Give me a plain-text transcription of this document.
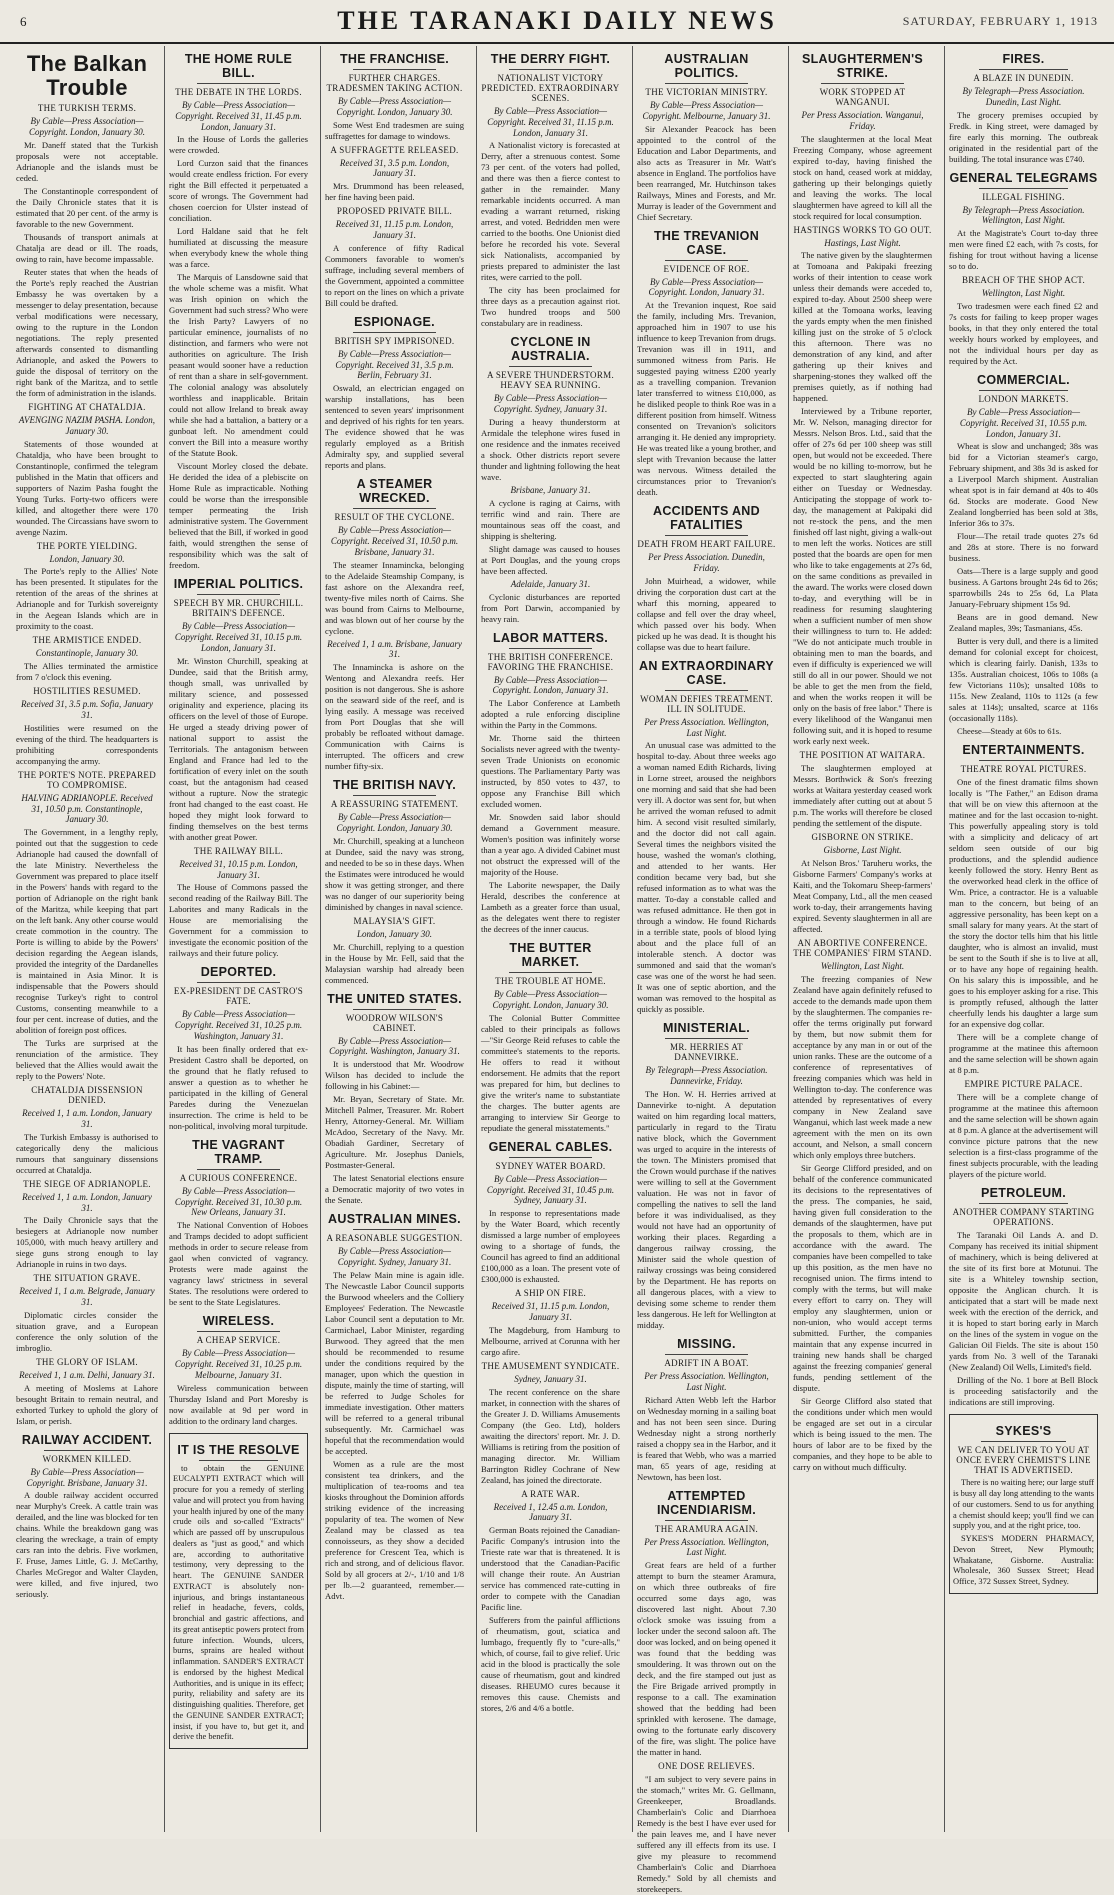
6	THE TARANAKI DAILY NEWS	SATURDAY, FEBRUARY 1, 1913
The Balkan Trouble
THE TURKISH TERMS.
By Cable—Press Association—Copyright. London, January 30.

Mr. Daneff stated that the Turkish proposals were not acceptable. Adrianople and the islands must be ceded.

The Constantinople correspondent of the Daily Chronicle states that it is estimated that 20 per cent. of the army is favorable to the new Government.

Thousands of transport animals at Chatalja are dead or ill. The roads, owing to rain, have become impassable.

Reuter states that when the heads of the Porte's reply reached the Austrian Embassy he was overtaken by a messenger to delay presentation, because verbal modifications were necessary, owing to the rupture in the London negotiations. The reply presented afterwards consented to dismantling Adrianople, and asked the Powers to guide the disposal of territory on the right bank of the Maritza, and to settle the form of administration in the islands.

FIGHTING AT CHATALDJA.
AVENGING NAZIM PASHA. London, January 30.

Statements of those wounded at Chataldja, who have been brought to Constantinople, confirmed the telegram published in the Matin that officers and supporters of Nazim Pasha fought the Young Turks. Forty-two officers were killed, and altogether there were 170 wounded. The Circassians have sworn to avenge Nazim.

THE PORTE YIELDING.
London, January 30.

The Porte's reply to the Allies' Note has been presented. It stipulates for the retention of the areas of the shrines at Adrianople and for Turkish sovereignty in the Aegean Islands which are in proximity to the coast.

THE ARMISTICE ENDED.
Constantinople, January 30.

The Allies terminated the armistice from 7 o'clock this evening.

HOSTILITIES RESUMED.
Received 31, 3.5 p.m. Sofia, January 31.

Hostilities were resumed on the evening of the third. The headquarters is prohibiting correspondents accompanying the army.

THE PORTE'S NOTE. PREPARED TO COMPROMISE.
HALVING ADRIANOPLE. Received 31, 10.50 p.m. Constantinople, January 30.

The Government, in a lengthy reply, pointed out that the suggestion to cede Adrianople had caused the downfall of the late Ministry. Nevertheless the Government was prepared to place itself in the Powers' hands with regard to the portion of Adrianople on the right bank of the Maritza, while keeping that part on the left bank. Any other course would create commotion in the country. The Porte is willing to abide by the Powers' decision regarding the Aegean islands, provided the integrity of the Dardanelles is maintained in Asia Minor. It is indispensable that the Powers should recognise Turkey's right to control Customs, consenting meanwhile to a four per cent. increase of duties, and the abolition of foreign post offices.

The Turks are surprised at the renunciation of the armistice. They believed that the Allies would await the reply to the Powers' Note.

CHATALDJA DISSENSION DENIED.
Received 1, 1 a.m. London, January 31.

The Turkish Embassy is authorised to categorically deny the malicious rumours that sanguinary dissensions occurred at Chataldja.

THE SIEGE OF ADRIANOPLE.
Received 1, 1 a.m. London, January 31.

The Daily Chronicle says that the besiegers at Adrianople now number 105,000, with much heavy artillery and siege guns strong enough to lay Adrianople in ruins in two days.

THE SITUATION GRAVE.
Received 1, 1 a.m. Belgrade, January 31.

Diplomatic circles consider the situation grave, and a European conference the only solution of the imbroglio.

THE GLORY OF ISLAM.
Received 1, 1 a.m. Delhi, January 31.

A meeting of Moslems at Lahore besought Britain to remain neutral, and exhorted Turkey to uphold the glory of Islam, or perish.

RAILWAY ACCIDENT.
WORKMEN KILLED.
By Cable—Press Association—Copyright. Brisbane, January 31.

A double railway accident occurred near Murphy's Creek. A cattle train was derailed, and the line was blocked for ten chains. While the breakdown gang was clearing the wreckage, a train of empty cars ran into the debris. Five workmen, F. Fruse, James Little, G. J. McCarthy, Charles McGregor and Walter Clayden, were killed, and five injured, two seriously.

THE HOME RULE BILL.
THE DEBATE IN THE LORDS.
By Cable—Press Association—Copyright. Received 31, 11.45 p.m. London, January 31.

In the House of Lords the galleries were crowded.

Lord Curzon said that the finances would create endless friction. For every right the Bill effected it perpetuated a score of wrongs. The Government had chosen coercion for Ulster instead of conciliation.

Lord Haldane said that he felt humiliated at discussing the measure when everybody knew the whole thing was a farce.

The Marquis of Lansdowne said that the whole scheme was a misfit. What was Irish opinion on which the Government had such stress? Who were the Irish Party? Lawyers of no particular eminence, journalists of no distinction, and farmers who were not authorities on agriculture. The Irish peasant would sooner have a reduction of rent than a share in self-government. The colonial analogy was absolutely worthless and inapplicable. Britain could not allow Ireland to break away while she had a battalion, a battery or a gunboat left. No amendment could convert the Bill into a measure worthy of the Statute Book.

Viscount Morley closed the debate. He derided the idea of a plebiscite on Home Rule as impracticable. Nothing could be worse than the irresponsible temper permeating the Irish administrative system. The Government believed that the Bill, if worked in good faith, would strengthen the sense of responsibility which was the salt of freedom.

IMPERIAL POLITICS.
SPEECH BY MR. CHURCHILL. BRITAIN'S DEFENCE.
By Cable—Press Association—Copyright. Received 31, 10.15 p.m. London, January 31.

Mr. Winston Churchill, speaking at Dundee, said that the British army, though small, was unrivalled by military science, and possessed originality and experience, placing its officers on the level of those of Europe. He urged a steady driving power of national support to assist the Territorials. The antagonism between England and France had led to the fortification of every inlet on the south coast, but the antagonism had ceased without a rupture. Now the strategic front had changed to the east coast. He hoped they might look forward to finding themselves on the best terms with another great Power.

THE RAILWAY BILL.
Received 31, 10.15 p.m. London, January 31.

The House of Commons passed the second reading of the Railway Bill. The Laborites and many Radicals in the House are memorialising the Government for a commission to investigate the economic position of the railways and their future policy.

DEPORTED.
EX-PRESIDENT DE CASTRO'S FATE.
By Cable—Press Association—Copyright. Received 31, 10.25 p.m. Washington, January 31.

It has been finally ordered that ex-President Castro shall be deported, on the ground that he flatly refused to answer a question as to whether he participated in the killing of General Paredes during the Venezuelan insurrection. The crime is held to be non-political, involving moral turpitude.

THE VAGRANT TRAMP.
A CURIOUS CONFERENCE.
By Cable—Press Association—Copyright. Received 31, 10.30 p.m. New Orleans, January 31.

The National Convention of Hoboes and Tramps decided to adopt sufficient methods in order to secure release from gaol when convicted of vagrancy. Protests were made against the vagrancy laws' strictness in several States. The resolutions were ordered to be sent to the State Legislatures.

WIRELESS.
A CHEAP SERVICE.
By Cable—Press Association—Copyright. Received 31, 10.25 p.m. Melbourne, January 31.

Wireless communication between Thursday Island and Port Moresby is now available at 9d per word in addition to the ordinary land charges.

IT IS THE RESOLVE

to obtain the GENUINE EUCALYPTI EXTRACT which will procure for you a remedy of sterling value and will protect you from having your health injured by one of the many crude oils and so-called "Extracts" which are passed off by unscrupulous dealers as "just as good," and which are, according to authoritative testimony, very depressing to the heart. The GENUINE SANDER EXTRACT is absolutely non-injurious, and brings instantaneous relief in headache, fevers, colds, bronchial and gastric affections, and its great antiseptic powers protect from future infection. Wounds, ulcers, burns, sprains are healed without inflammation. SANDER'S EXTRACT is endorsed by the highest Medical Authorities, and is unique in its effect; purity, reliability and safety are its distinguishing qualities. Therefore, get the GENUINE SANDER EXTRACT; insist, if you have to, but get it, and derive the benefit.

THE FRANCHISE.
FURTHER CHARGES. TRADESMEN TAKING ACTION.
By Cable—Press Association—Copyright. London, January 30.

Some West End tradesmen are suing suffragettes for damage to windows.

A SUFFRAGETTE RELEASED.
Received 31, 3.5 p.m. London, January 31.

Mrs. Drummond has been released, her fine having been paid.

PROPOSED PRIVATE BILL.
Received 31, 11.15 p.m. London, January 31.

A conference of fifty Radical Commoners favorable to women's suffrage, including several members of the Government, appointed a committee to report on the lines on which a private Bill could be drafted.

ESPIONAGE.
BRITISH SPY IMPRISONED.
By Cable—Press Association—Copyright. Received 31, 3.5 p.m. Berlin, February 31.

Oswald, an electrician engaged on warship installations, has been sentenced to seven years' imprisonment and deprived of his rights for ten years. The evidence showed that he was regularly employed as a British Admiralty spy, and supplied several reports and plans.

A STEAMER WRECKED.
RESULT OF THE CYCLONE.
By Cable—Press Association—Copyright. Received 31, 10.50 p.m. Brisbane, January 31.

The steamer Innamincka, belonging to the Adelaide Steamship Company, is fast ashore on the Alexandra reef, twenty-five miles north of Cairns. She was bound from Cairns to Melbourne, and was blown out of her course by the cyclone.

Received 1, 1 a.m. Brisbane, January 31.

The Innamincka is ashore on the Wentong and Alexandra reefs. Her position is not dangerous. She is ashore on the seaward side of the reef, and is lying easily. A message was received from Port Douglas that she will probably be refloated without damage. Communication with Cairns is interrupted. The officers and crew number fifty-six.

THE BRITISH NAVY.
A REASSURING STATEMENT.
By Cable—Press Association—Copyright. London, January 30.

Mr. Churchill, speaking at a luncheon at Dundee, said the navy was strong, and needed to be so in these days. When the Estimates were introduced he would show it was getting stronger, and there was no danger of our superiority being diminished by changes in naval science.

MALAYSIA'S GIFT.
London, January 30.

Mr. Churchill, replying to a question in the House by Mr. Fell, said that the Malaysian warship had already been commenced.

THE UNITED STATES.
WOODROW WILSON'S CABINET.
By Cable—Press Association—Copyright. Washington, January 31.

It is understood that Mr. Woodrow Wilson has decided to include the following in his Cabinet:—

Mr. Bryan, Secretary of State. Mr. Mitchell Palmer, Treasurer. Mr. Robert Henry, Attorney-General. Mr. William McAdoo, Secretary of the Navy. Mr. Obadiah Gardiner, Secretary of Agriculture. Mr. Josephus Daniels, Postmaster-General.

The latest Senatorial elections ensure a Democratic majority of two votes in the Senate.

AUSTRALIAN MINES.
A REASONABLE SUGGESTION.
By Cable—Press Association—Copyright. Sydney, January 31.

The Pelaw Main mine is again idle. The Newcastle Labor Council supports the Burwood wheelers and the Colliery Employees' Federation. The Newcastle Labor Council sent a deputation to Mr. Carmichael, Labor Minister, regarding Burwood. They agreed that the men should be recommended to resume under the conditions required by the manager, upon which the question in dispute, mainly the time of starting, will be referred to Judge Scholes for immediate investigation. Other matters will be referred to a general tribunal subsequently. Mr. Carmichael was hopeful that the recommendation would be accepted.

Women as a rule are the most consistent tea drinkers, and the multiplication of tea-rooms and tea kiosks throughout the Dominion affords striking evidence of the increasing popularity of tea. The women of New Zealand may be classed as tea connoisseurs, as they show a decided preference for Crescent Tea, which is rich and strong, and of delicious flavor. Sold by all grocers at 2/-, 1/10 and 1/8 per lb.—2 guaranteed, remember.—Advt.

THE DERRY FIGHT.
NATIONALIST VICTORY PREDICTED. EXTRAORDINARY SCENES.
By Cable—Press Association—Copyright. Received 31, 11.15 p.m. London, January 31.

A Nationalist victory is forecasted at Derry, after a strenuous contest. Some 73 per cent. of the voters had polled, and there was then a fierce contest to gather in the remainder. Many remarkable incidents occurred. A man evading a warrant returned, risking arrest, and voted. Bedridden men were carried to the booths. One Unionist died before he recorded his vote. Several sick Nationalists, accompanied by priests prepared to administer the last rites, were carried to the poll.

The city has been proclaimed for three days as a precaution against riot. Two hundred troops and 500 constabulary are in readiness.

CYCLONE IN AUSTRALIA.
A SEVERE THUNDERSTORM. HEAVY SEA RUNNING.
By Cable—Press Association—Copyright. Sydney, January 31.

During a heavy thunderstorm at Armidale the telephone wires fused in one residence and the inmates received a shock. Other districts report severe thunder and lightning following the heat wave.

Brisbane, January 31.

A cyclone is raging at Cairns, with terrific wind and rain. There are mountainous seas off the coast, and shipping is sheltering.

Slight damage was caused to houses at Port Douglas, and the young crops have been affected.

Adelaide, January 31.

Cyclonic disturbances are reported from Port Darwin, accompanied by heavy rain.

LABOR MATTERS.
THE BRITISH CONFERENCE. FAVORING THE FRANCHISE.
By Cable—Press Association—Copyright. London, January 31.

The Labor Conference at Lambeth adopted a rule enforcing discipline within the Party in the Commons.

Mr. Thorne said the thirteen Socialists never agreed with the twenty-seven Trade Unionists on economic questions. The Parliamentary Party was instructed, by 850 votes to 437, to oppose any Franchise Bill which excluded women.

Mr. Snowden said labor should demand a Government measure. Women's position was infinitely worse than a year ago. A divided Cabinet must not obstruct the expressed will of the majority of the House.

The Laborite newspaper, the Daily Herald, describes the conference at Lambeth as a greater force than usual, as the delegates went there to register the decrees of the inner caucus.

THE BUTTER MARKET.
THE TROUBLE AT HOME.
By Cable—Press Association—Copyright. London, January 30.

The Colonial Butter Committee cabled to their principals as follows—"Sir George Reid refuses to cable the committee's statements to the reports. He offers to read it without endorsement. He admits that the report was prepared for him, but declines to give the writer's name to substantiate the charges. The butter agents are arranging to interview Sir George to repudiate the general misstatements."

GENERAL CABLES.
SYDNEY WATER BOARD.
By Cable—Press Association—Copyright. Received 31, 10.45 p.m. Sydney, January 31.

In response to representations made by the Water Board, which recently dismissed a large number of employees owing to a shortage of funds, the Council has agreed to find an additional £100,000 as a loan. The present vote of £300,000 is exhausted.

A SHIP ON FIRE.
Received 31, 11.15 p.m. London, January 31.

The Magdeburg, from Hamburg to Melbourne, arrived at Corunna with her cargo afire.

THE AMUSEMENT SYNDICATE.
Sydney, January 31.

The recent conference on the share market, in connection with the shares of the Greater J. D. Williams Amusements Company (the Geo. Ltd), holders awaiting the directors' report. Mr. J. D. Williams is retiring from the position of managing director. Mr. William Barrington Ridley Cochrane of New Zealand, has joined the directorate.

A RATE WAR.
Received 1, 12.45 a.m. London, January 31.

German Boats rejoined the Canadian-Pacific Company's intrusion into the Trieste rate war that is threatened. It is understood that the Canadian-Pacific will change their route. An Austrian service has commenced rate-cutting in order to compete with the Canadian Pacific line.

Sufferers from the painful afflictions of rheumatism, gout, sciatica and lumbago, frequently fly to "cure-alls," which, of course, fail to give relief. Uric acid in the blood is practically the sole cause of rheumatism, gout and kindred diseases. RHEUMO cures because it removes this cause. Chemists and stores, 2/6 and 4/6 a bottle.

AUSTRALIAN POLITICS.
THE VICTORIAN MINISTRY.
By Cable—Press Association—Copyright. Melbourne, January 31.

Sir Alexander Peacock has been appointed to the control of the Education and Labor Departments, and also acts as Treasurer in Mr. Watt's absence in England. The portfolios have been rearranged, Mr. Hutchinson takes Railways, Mines and Forests, and Mr. Murray is leader of the Government and Chief Secretary.

THE TREVANION CASE.
EVIDENCE OF ROE.
By Cable—Press Association—Copyright. London, January 31.

At the Trevanion inquest, Roe said the family, including Mrs. Trevanion, approached him in 1907 to use his influence to keep Trevanion from drugs. Trevanion was ill in 1911, and summoned witness from Paris. He suggested paying witness £200 yearly as a travelling companion. Trevanion later transferred to witness £10,000, as he disliked people to think Roe was in a different position from himself. Witness consented on Trevanion's solicitors arranging it. He denied any impropriety. He was treated like a young brother, and slept with Trevanion because the latter was nervous. Witness detailed the circumstances prior to Trevanion's death.

ACCIDENTS AND FATALITIES
DEATH FROM HEART FAILURE.
Per Press Association. Dunedin, Friday.

John Muirhead, a widower, while driving the corporation dust cart at the wharf this morning, appeared to collapse and fell over the dray wheel, which passed over his body. When picked up he was dead. It is thought his collapse was due to heart failure.

AN EXTRAORDINARY CASE.
WOMAN DEFIES TREATMENT. ILL IN SOLITUDE.
Per Press Association. Wellington, Last Night.

An unusual case was admitted to the hospital to-day. About three weeks ago a woman named Edith Richards, living in Lorne street, aroused the neighbors one morning and said that she had been very ill. A doctor was sent for, but when he arrived the woman refused to admit him. A second visit resulted similarly, and the doctor did not call again. Several times the neighbors visited the house, washed the woman's clothing, and attended to her wants. Her condition became very bad, but she refused information as to what was the matter. To-day a constable called and was refused admittance. He then got in through a window. He found Richards in a terrible state, pools of blood lying about and the place full of an intolerable stench. A doctor was summoned and said that the woman's case was one of the worst he had seen. It was one of septic abortion, and the woman was removed to the hospital as quickly as possible.

MINISTERIAL.
MR. HERRIES AT DANNEVIRKE.
By Telegraph—Press Association. Dannevirke, Friday.

The Hon. W. H. Herries arrived at Dannevirke to-night. A deputation waited on him regarding local matters, particularly in regard to the Tiratu native block, which the Government was urged to acquire in the interests of the town. The Ministers promised that the Crown would purchase if the natives were willing to sell at the Government valuation. He was not in favor of compelling the natives to sell the land before it was individualised, as they would not have had an opportunity of working their places. Regarding a dangerous railway crossing, the Minister said the whole question of railway crossings was being considered by the Department. He has reports on all dangerous places, with a view to devising some scheme to render them less dangerous. He left for Wellington at midday.

MISSING.
ADRIFT IN A BOAT.
Per Press Association. Wellington, Last Night.

Richard Atten Webb left the Harbor on Wednesday morning in a sailing boat and has not been seen since. During Wednesday night a strong northerly raised a choppy sea in the Harbor, and it is feared that Webb, who was a married man, 65 years of age, residing at Newtown, has been lost.

ATTEMPTED INCENDIARISM.
THE ARAMURA AGAIN.
Per Press Association. Wellington, Last Night.

Great fears are held of a further attempt to burn the steamer Aramura, on which three outbreaks of fire occurred some days ago, was discovered last night. About 7.30 o'clock smoke was issuing from a locker under the second saloon aft. The door was locked, and on being opened it was found that the bedding was smouldering. It was thrown out on the deck, and the fire stamped out just as the Fire Brigade arrived promptly in response to a call. The examination showed that the bedding had been sprinkled with kerosene. The damage, owing to the fortunate early discovery of the fire, was slight. The police have the matter in hand.

ONE DOSE RELIEVES.

"I am subject to very severe pains in the stomach," writes Mr. G. Gellmann, Greenkeeper, Broadlands. Chamberlain's Colic and Diarrhoea Remedy is the best I have ever used for the pain leaves me, and I have never suffered any ill effects from its use. I give my pleasure to recommend Chamberlain's Colic and Diarrhoea Remedy." Sold by all chemists and storekeepers.

SLAUGHTERMEN'S STRIKE.
WORK STOPPED AT WANGANUI.
Per Press Association. Wanganui, Friday.

The slaughtermen at the local Meat Freezing Company, whose agreement expired to-day, having finished the stock on hand, ceased work at midday, gathering up their belongings quietly and leaving the works. The local slaughtermen have agreed to kill all the stock required for local consumption.

HASTINGS WORKS TO GO OUT.
Hastings, Last Night.

The native given by the slaughtermen at Tomoana and Pakipaki freezing works of their intention to cease work unless their demands were acceded to, expired to-day. About 2500 sheep were killed at the Tomoana works, leaving the yards empty when the men finished killing just on the stroke of 5 o'clock this afternoon. There was no demonstration of any kind, and after gathering up their knives and sharpening-stones they walked off the premises quietly, as if nothing had happened.

Interviewed by a Tribune reporter, Mr. W. Nelson, managing director for Messrs. Nelson Bros. Ltd., said that the offer of 27s 6d per 100 sheep was still open, but would not be exceeded. There would be no killing to-morrow, but he expected to start slaughtering again either on Tuesday or Wednesday. Anticipating the stoppage of work to-day, the management at Pakipaki did not re-stock the pens, and the men finished off last night, giving a walk-out to men left the works. Notices are still posted that the boards are open for men who like to take engagements at 27s 6d, on the same conditions as prevailed in the award. The works were closed down to-day, and everything will be in readiness for resuming slaughtering when a sufficient number of men show their willingness to turn to. He added: "We do not anticipate much trouble in obtaining men to man the boards, and even if difficulty is experienced we will still do all in our power. Should we not be able to get the men from the field, and when the works reopen it will be only on the basis of free labor." There is every likelihood of the Wanganui men following suit, and it is hoped to resume work early next week.

THE POSITION AT WAITARA.

The slaughtermen employed at Messrs. Borthwick & Son's freezing works at Waitara yesterday ceased work immediately after cutting out at about 5 p.m. The works will therefore be closed pending the settlement of the dispute.

GISBORNE ON STRIKE.
Gisborne, Last Night.

At Nelson Bros.' Taruheru works, the Gisborne Farmers' Company's works at Kaiti, and the Tokomaru Sheep-farmers' Meat Company, Ltd., all the men ceased work to-day, their arrangements having expired. Seventy slaughtermen in all are affected.

AN ABORTIVE CONFERENCE. THE COMPANIES' FIRM STAND.
Wellington, Last Night.

The freezing companies of New Zealand have again definitely refused to accede to the demands made upon them by the slaughtermen. The companies re-offer the terms originally put forward by them, but now submit them for acceptance by any man in or out of the union ranks. These are the outcome of a conference of representatives of freezing companies which was held in Wellington to-day. The conference was attended by representatives of every company in New Zealand save Wanganui, which last week made a new agreement with the men on its own account, and Nelson, a small concern which only employs three butchers.

Sir George Clifford presided, and on behalf of the conference communicated its decisions to the representatives of the press. The companies, he said, having given full consideration to the demands of the slaughtermen, have put the proposals to them, which are in accordance with the award. The companies have been compelled to take up this position, as the men have no recognised union. The firms intend to comply with the terms, but will make every effort to carry on. They will employ any slaughtermen, union or non-union, who would accept terms submitted. Further, the companies maintain that any expense incurred in training new hands shall be charged against the freezing companies' general funds, pending settlement of the dispute.

Sir George Clifford also stated that the conditions under which men would be engaged are set out in a circular which is being issued to the men. The hours of labor are to be fixed by the companies, and they hope to be able to carry on without much difficulty.

FIRES.
A BLAZE IN DUNEDIN.
By Telegraph—Press Association. Dunedin, Last Night.

The grocery premises occupied by Fredk. in King street, were damaged by fire early this morning. The outbreak originated in the residential part of the building. The total insurance was £740.

GENERAL TELEGRAMS
ILLEGAL FISHING.
By Telegraph—Press Association. Wellington, Last Night.

At the Magistrate's Court to-day three men were fined £2 each, with 7s costs, for fishing for trout without having a license so to do.

BREACH OF THE SHOP ACT.
Wellington, Last Night.

Two tradesmen were each fined £2 and 7s costs for failing to keep proper wages books, in that they only entered the total weekly hours worked by employees, and not the individual hours per day as required by the Act.

COMMERCIAL.
LONDON MARKETS.
By Cable—Press Association—Copyright. Received 31, 10.55 p.m. London, January 31.

Wheat is slow and unchanged; 38s was bid for a Victorian steamer's cargo, February shipment, and 38s 3d is asked for a Liverpool March shipment. Australian wheat spot is in fair demand at 40s to 40s 6d. Stocks are moderate. Good New Zealand longberried has been sold at 38s, Inferior 36s to 37s.

Flour—The retail trade quotes 27s 6d and 28s at store. There is no forward business.

Oats—There is a large supply and good business. A Gartons brought 24s 6d to 26s; sparrowbills 24s to 25s 6d, La Plata January-February shipment 15s 9d.

Beans are in good demand. New Zealand maples, 39s; Tasmanians, 45s.

Butter is very dull, and there is a limited demand for colonial except for choicest, which is clearing fairly. Danish, 133s to 135s. Australian choicest, 106s to 108s (a few Victorians 110s); unsalted 108s to 115s. New Zealand, 110s to 112s (a few sales at 114s); unsalted, scarce at 116s (occasionally 118s).

Cheese—Steady at 60s to 61s.

ENTERTAINMENTS.
THEATRE ROYAL PICTURES.

One of the finest dramatic films shown locally is "The Father," an Edison drama that will be on view this afternoon at the matinee and for the last occasion to-night. This powerfully appealing story is told with a simplicity and delicacy of art seldom seen outside of our big productions, and the splendid audience keenly followed the story. Henry Bent as the overworked head clerk in the office of Wm. Price, a contractor. He is a valuable man to the concern, but being of an aggressive personality, has been kept on a small salary for many years. At the start of the story the doctor tells him that his little daughter, who is almost an invalid, must be sent to the South if she is to live at all, or to have any hope of regaining health. On his salary this is impossible, and he goes to his employer asking for a rise. This is promptly refused, although the latter cheerfully lends his daughter a large sum for an expensive dog collar.

There will be a complete change of programme at the matinee this afternoon and the same selection will be shown again at 8 p.m.

EMPIRE PICTURE PALACE.

There will be a complete change of programme at the matinee this afternoon and the same selection will be shown again at 8 p.m. A glance at the advertisement will convince picture patrons that the new selection is a first-class programme of the finest subjects procurable, with the leading players of the picture world.

PETROLEUM.
ANOTHER COMPANY STARTING OPERATIONS.

The Taranaki Oil Lands A. and D. Company has received its initial shipment of machinery, which is being delivered at the site of its first bore at Motunui. The site is a Whiteley township section, opposite the Anglican church. It is anticipated that a start will be made next week with the erection of the derrick, and it is hoped to start boring early in March on the lines of the system in vogue on the Galician Oil Fields. The site is about 150 yards from No. 3 well of the Taranaki (New Zealand) Oil Wells, Limited's field.

Drilling of the No. 1 bore at Bell Block is proceeding satisfactorily and the indications are still improving.

SYKES'S
WE CAN DELIVER TO YOU AT ONCE EVERY CHEMIST'S LINE THAT IS ADVERTISED.

There is no waiting here; our large stuff is busy all day long attending to the wants of our customers. Send to us for anything a chemist should keep; you'll find we can supply you, and at the right price, too.

SYKES'S MODERN PHARMACY, Devon Street, New Plymouth; Whakatane, Gisborne. Australia: Wholesale, 360 Sussex Street; Head Office, 372 Sussex Street, Sydney.
